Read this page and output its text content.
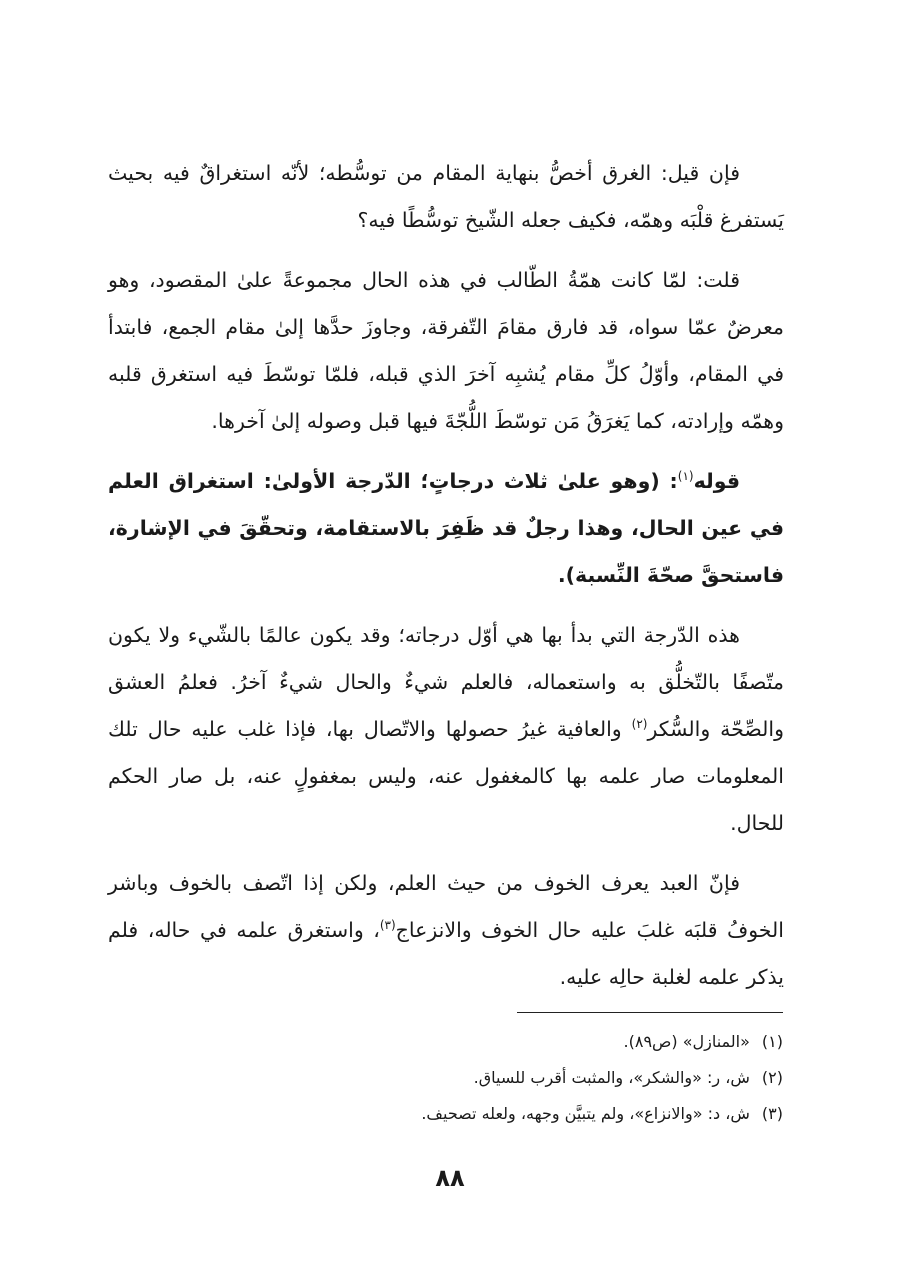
فإن قيل: الغرق أخصُّ بنهاية المقام من توسُّطه؛ لأنّه استغراقٌ فيه بحيث يَستفرغ قلْبَه وهمّه، فكيف جعله الشّيخ توسُّطًا فيه؟

قلت: لمّا كانت همّةُ الطّالب في هذه الحال مجموعةً علىٰ المقصود، وهو معرضٌ عمّا سواه، قد فارق مقامَ التّفرقة، وجاوزَ حدَّها إلىٰ مقام الجمع، فابتدأ في المقام، وأوّلُ كلِّ مقام يُشبِه آخرَ الذي قبله، فلمّا توسّطَ فيه استغرق قلبه وهمّه وإرادته، كما يَغرَقُ مَن توسّطَ اللُّجّةَ فيها قبل وصوله إلىٰ آخرها.

قوله$^{(١)}$: (وهو علىٰ ثلاث درجاتٍ؛ الدّرجة الأولىٰ: استغراق العلم في عين الحال، وهذا رجلٌ قد ظَفِرَ بالاستقامة، وتحقّقَ في الإشارة، فاستحقَّ صحّةَ النِّسبة).

هذه الدّرجة التي بدأ بها هي أوّل درجاته؛ وقد يكون عالمًا بالشّيء ولا يكون متّصفًا بالتّخلُّق به واستعماله، فالعلم شيءٌ والحال شيءٌ آخرُ. فعلمُ العشق والصِّحّة والسُّكر$^{(٢)}$ والعافية غيرُ حصولها والاتّصال بها، فإذا غلب عليه حال تلك المعلومات صار علمه بها كالمغفول عنه، وليس بمغفولٍ عنه، بل صار الحكم للحال.

فإنّ العبد يعرف الخوف من حيث العلم، ولكن إذا اتّصف بالخوف وباشر الخوفُ قلبَه غلبَ عليه حال الخوف والانزعاج$^{(٣)}$، واستغرق علمه في حاله، فلم يذكر علمه لغلبة حالِه عليه.

(١)«المنازل» (ص٨٩).

(٢)ش، ر: «والشكر»، والمثبت أقرب للسياق.

(٣)ش، د: «والانزاع»، ولم يتبيَّن وجهه، ولعله تصحيف.

٨٨
